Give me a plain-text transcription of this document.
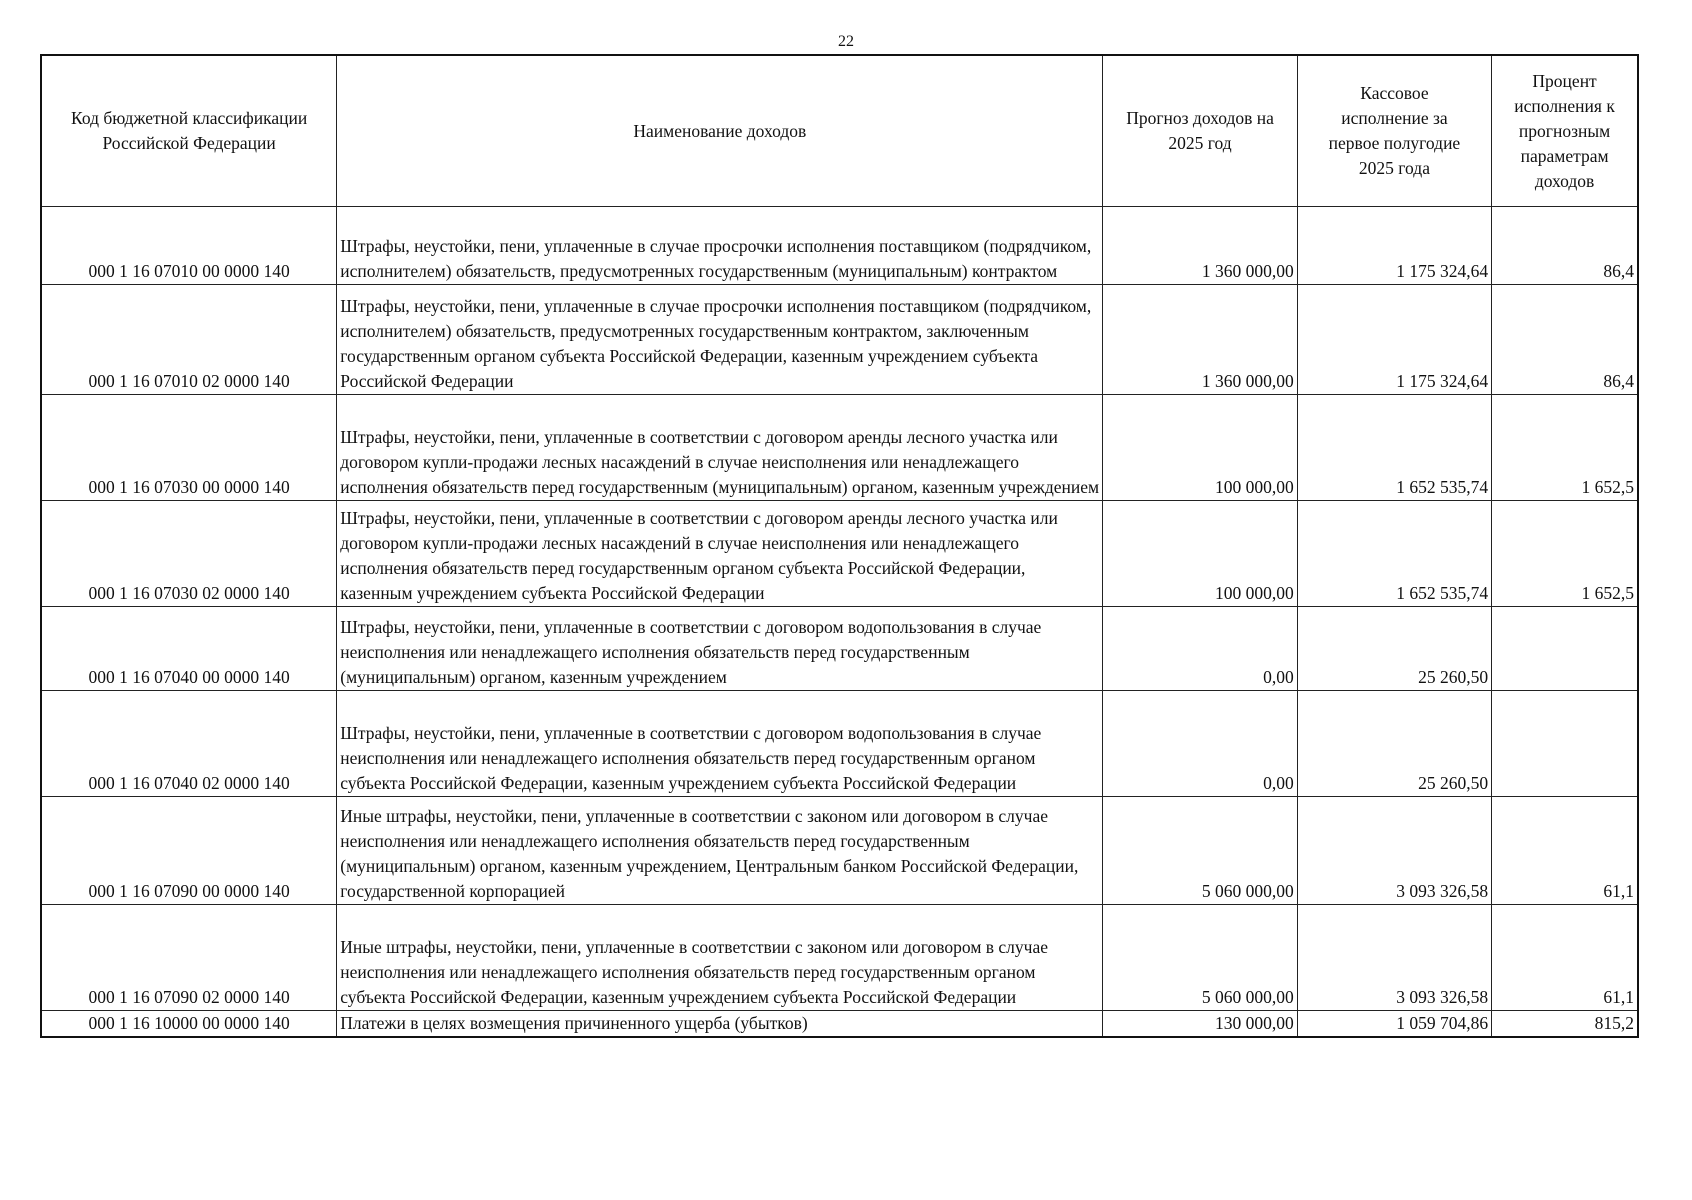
22
Код бюджетной классификации Российской Федерации	Наименование доходов	Прогноз доходов на 2025 год	Кассовое исполнение за первое полугодие 2025 года	Процент исполнения к прогнозным параметрам доходов
000 1 16 07010 00 0000 140	Штрафы, неустойки, пени, уплаченные в случае просрочки исполнения поставщиком (подрядчиком, исполнителем) обязательств, предусмотренных государственным (муниципальным) контрактом	1 360 000,00	1 175 324,64	86,4
000 1 16 07010 02 0000 140	Штрафы, неустойки, пени, уплаченные в случае просрочки исполнения поставщиком (подрядчиком, исполнителем) обязательств, предусмотренных государственным контрактом, заключенным государственным органом субъекта Российской Федерации, казенным учреждением субъекта Российской Федерации	1 360 000,00	1 175 324,64	86,4
000 1 16 07030 00 0000 140	Штрафы, неустойки, пени, уплаченные в соответствии с договором аренды лесного участка или договором купли-продажи лесных насаждений в случае неисполнения или ненадлежащего исполнения обязательств перед государственным (муниципальным) органом, казенным учреждением	100 000,00	1 652 535,74	1 652,5
000 1 16 07030 02 0000 140	Штрафы, неустойки, пени, уплаченные в соответствии с договором аренды лесного участка или договором купли-продажи лесных насаждений в случае неисполнения или ненадлежащего исполнения обязательств перед государственным органом субъекта Российской Федерации, казенным учреждением субъекта Российской Федерации	100 000,00	1 652 535,74	1 652,5
000 1 16 07040 00 0000 140	Штрафы, неустойки, пени, уплаченные в соответствии с договором водопользования в случае неисполнения или ненадлежащего исполнения обязательств перед государственным (муниципальным) органом, казенным учреждением	0,00	25 260,50	
000 1 16 07040 02 0000 140	Штрафы, неустойки, пени, уплаченные в соответствии с договором водопользования в случае неисполнения или ненадлежащего исполнения обязательств перед государственным органом субъекта Российской Федерации, казенным учреждением субъекта Российской Федерации	0,00	25 260,50	
000 1 16 07090 00 0000 140	Иные штрафы, неустойки, пени, уплаченные в соответствии с законом или договором в случае неисполнения или ненадлежащего исполнения обязательств перед государственным (муниципальным) органом, казенным учреждением, Центральным банком Российской Федерации, государственной корпорацией	5 060 000,00	3 093 326,58	61,1
000 1 16 07090 02 0000 140	Иные штрафы, неустойки, пени, уплаченные в соответствии с законом или договором в случае неисполнения или ненадлежащего исполнения обязательств перед государственным органом субъекта Российской Федерации, казенным учреждением субъекта Российской Федерации	5 060 000,00	3 093 326,58	61,1
000 1 16 10000 00 0000 140	Платежи в целях возмещения причиненного ущерба (убытков)	130 000,00	1 059 704,86	815,2
